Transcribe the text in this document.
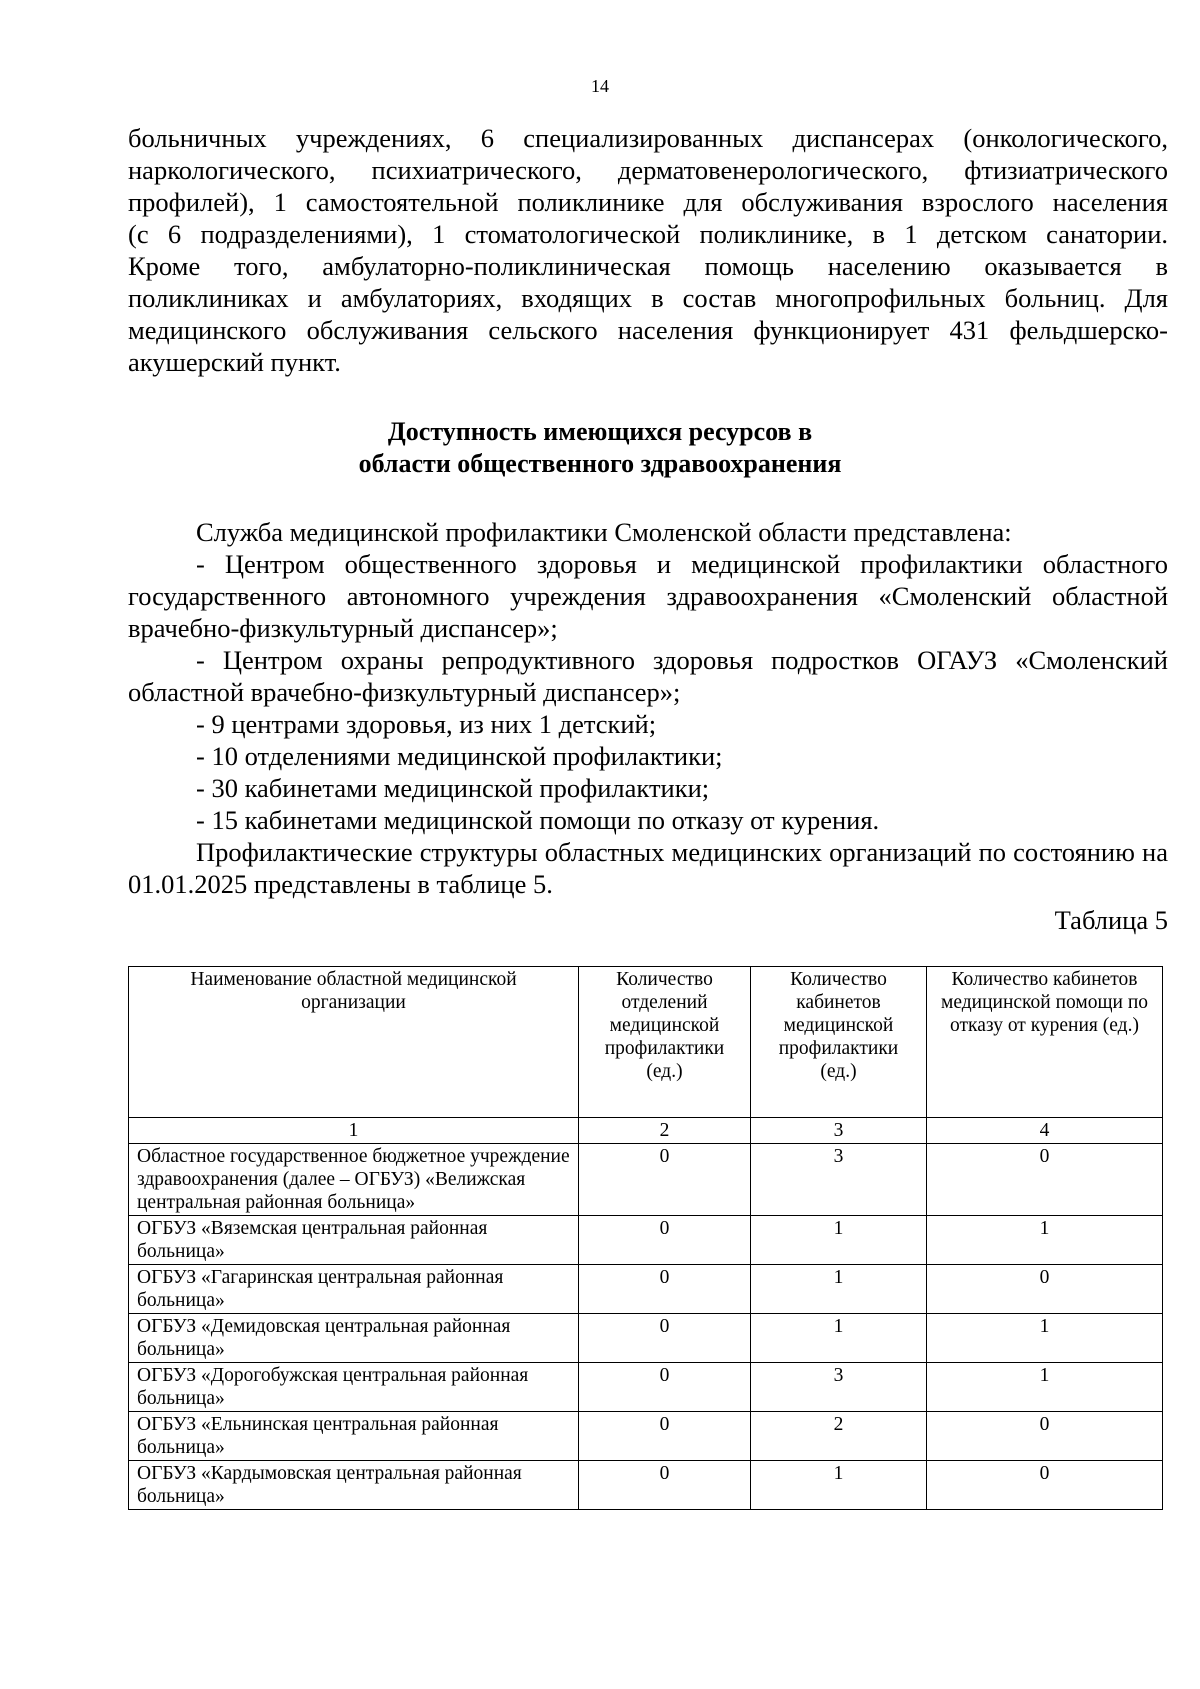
14

больничных учреждениях, 6 специализированных диспансерах (онкологического,

наркологического, психиатрического, дерматовенерологического, фтизиатрического

профилей), 1 самостоятельной поликлинике для обслуживания взрослого населения

(с 6 подразделениями), 1 стоматологической поликлинике, в 1 детском санатории.

Кроме того, амбулаторно-поликлиническая помощь населению оказывается в

поликлиниках и амбулаториях, входящих в состав многопрофильных больниц. Для

медицинского обслуживания сельского населения функционирует 431 фельдшерско-

акушерский пункт.

Доступность имеющихся ресурсов в
области общественного здравоохранения

Служба медицинской профилактики Смоленской области представлена:

- Центром общественного здоровья и медицинской профилактики областного государственного автономного учреждения здравоохранения «Смоленский областной врачебно-физкультурный диспансер»;

- Центром охраны репродуктивного здоровья подростков ОГАУЗ «Смоленский областной врачебно-физкультурный диспансер»;

- 9 центрами здоровья, из них 1 детский;

- 10 отделениями медицинской профилактики;

- 30 кабинетами медицинской профилактики;

- 15 кабинетами медицинской помощи по отказу от курения.

Профилактические структуры областных медицинских организаций по состоянию на 01.01.2025 представлены в таблице 5.

Таблица 5
Наименование областной медицинской организации	Количество отделений медицинской профилактики (ед.)	Количество кабинетов медицинской профилактики (ед.)	Количество кабинетов медицинской помощи по отказу от курения (ед.)
1	2	3	4
Областное государственное бюджетное учреждение здравоохранения (далее – ОГБУЗ) «Велижская центральная районная больница»	0	3	0
ОГБУЗ «Вяземская центральная районная больница»	0	1	1
ОГБУЗ «Гагаринская центральная районная больница»	0	1	0
ОГБУЗ «Демидовская центральная районная больница»	0	1	1
ОГБУЗ «Дорогобужская центральная районная больница»	0	3	1
ОГБУЗ «Ельнинская центральная районная больница»	0	2	0
ОГБУЗ «Кардымовская центральная районная больница»	0	1	0
